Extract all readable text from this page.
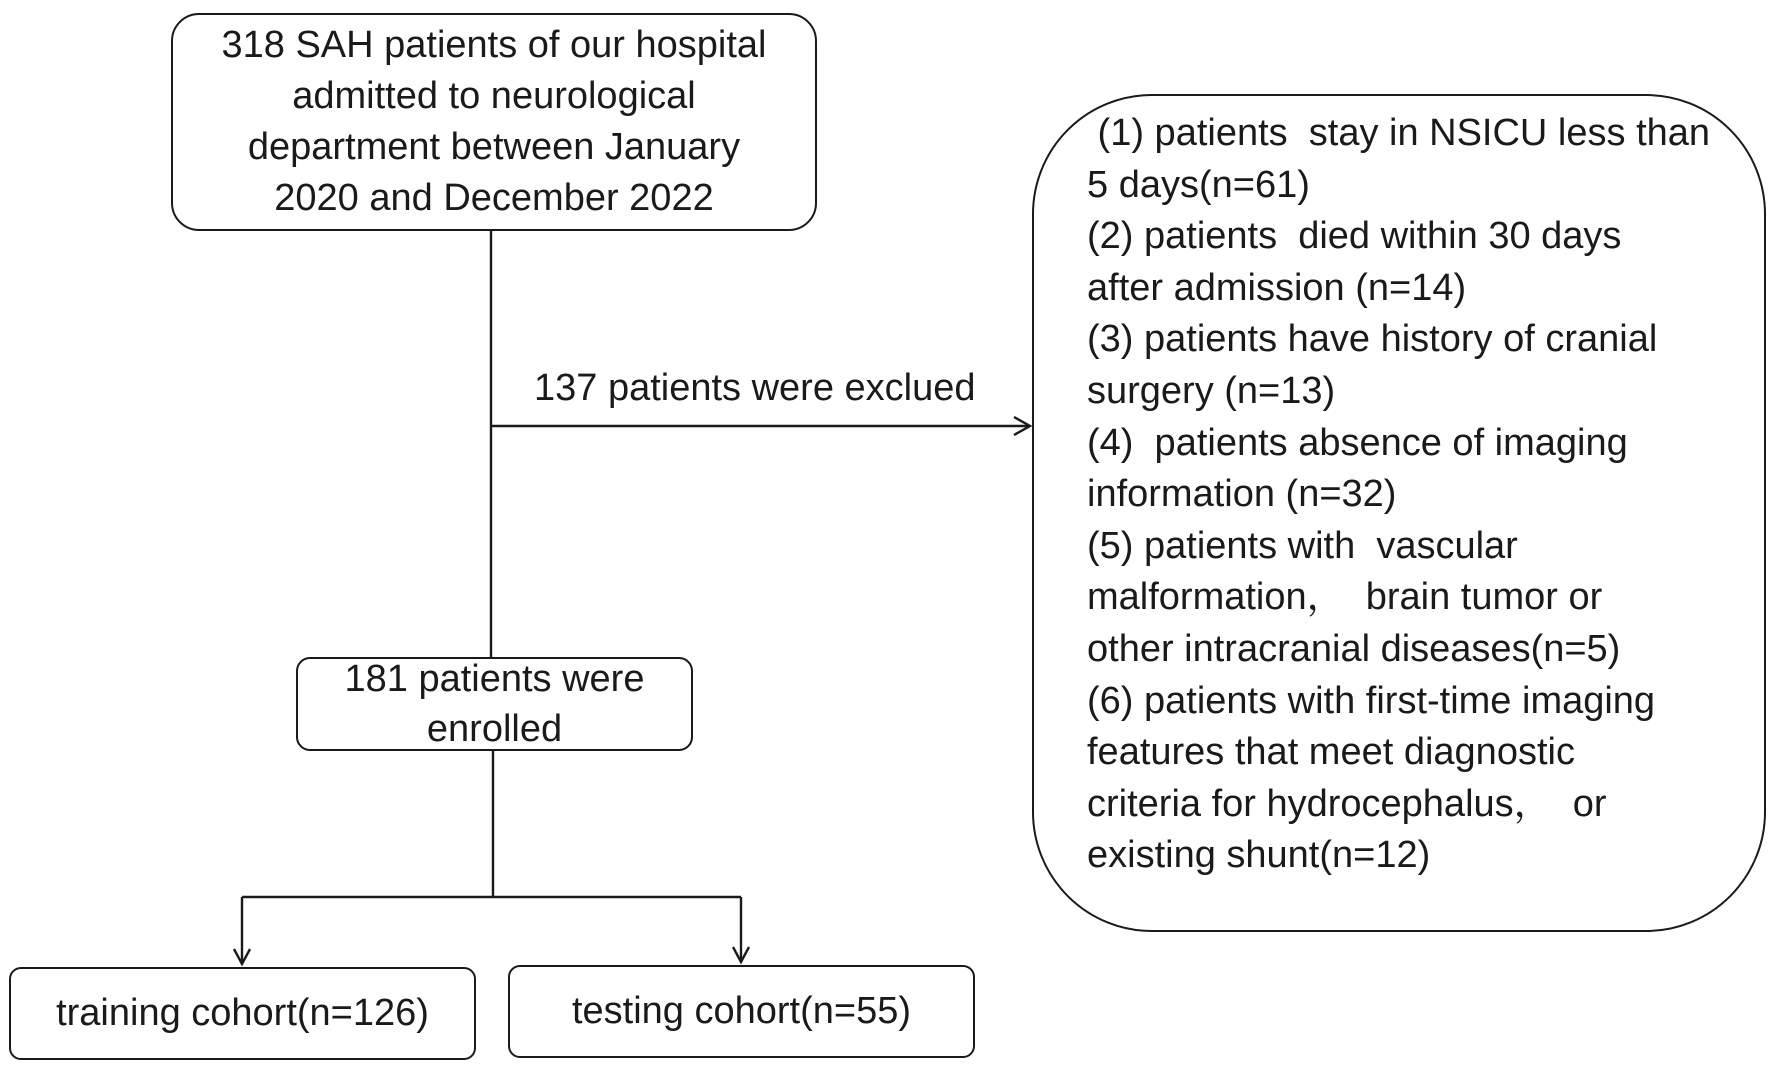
318 SAH patients of our hospital
admitted to neurological
department between January
2020 and December 2022
137 patients were exclued
(1) patients  stay in NSICU less than
5 days(n=61)
(2) patients  died within 30 days
after admission (n=14)
(3) patients have history of cranial
surgery (n=13)
(4)  patients absence of imaging
information (n=32)
(5) patients with  vascular
malformation，  brain tumor or
other intracranial diseases(n=5)
(6) patients with first-time imaging
features that meet diagnostic
criteria for hydrocephalus，  or
existing shunt(n=12)
181 patients were
enrolled
training cohort(n=126)	testing cohort(n=55)
